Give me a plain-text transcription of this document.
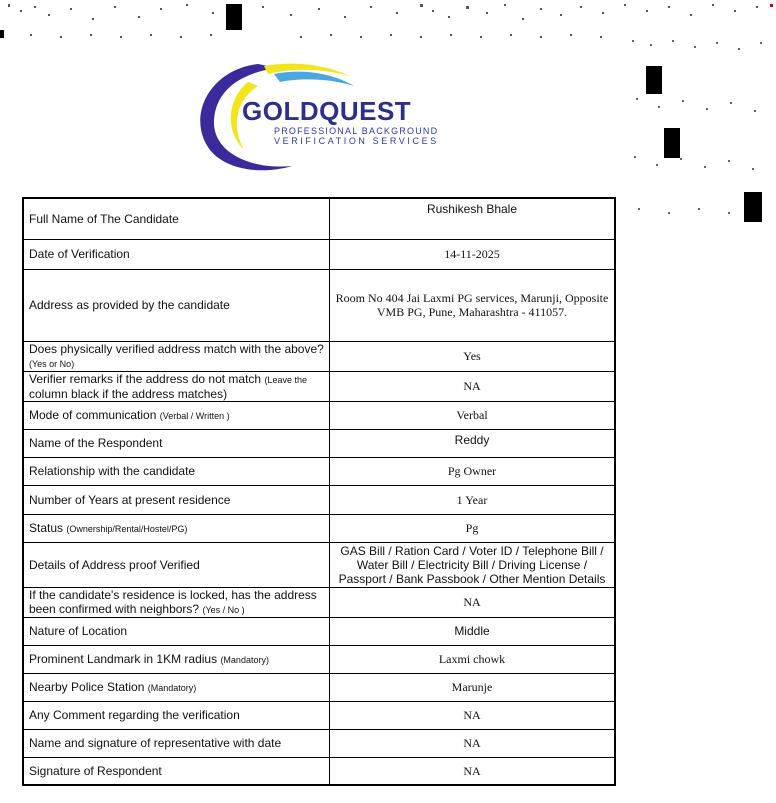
GOLDQUEST
PROFESSIONAL BACKGROUND
VERIFICATION SERVICES
Full Name of The Candidate	Rushikesh Bhale
Date of Verification	14-11-2025
Address as provided by the candidate	Room No 404 Jai Laxmi PG services, Marunji, Opposite VMB PG, Pune, Maharashtra - 411057.
Does physically verified address match with the above? (Yes or No)	Yes
Verifier remarks if the address do not match (Leave the column black if the address matches)	NA
Mode of communication (Verbal / Written )	Verbal
Name of the Respondent	Reddy
Relationship with the candidate	Pg Owner
Number of Years at present residence	1 Year
Status (Ownership/Rental/Hostel/PG)	Pg
Details of Address proof Verified	GAS Bill / Ration Card / Voter ID / Telephone Bill / Water Bill / Electricity Bill / Driving License / Passport / Bank Passbook / Other Mention Details
If the candidate's residence is locked, has the address been confirmed with neighbors? (Yes / No )	NA
Nature of Location	Middle
Prominent Landmark in 1KM radius (Mandatory)	Laxmi chowk
Nearby Police Station (Mandatory)	Marunje
Any Comment regarding the verification	NA
Name and signature of representative with date	NA
Signature of Respondent	NA
